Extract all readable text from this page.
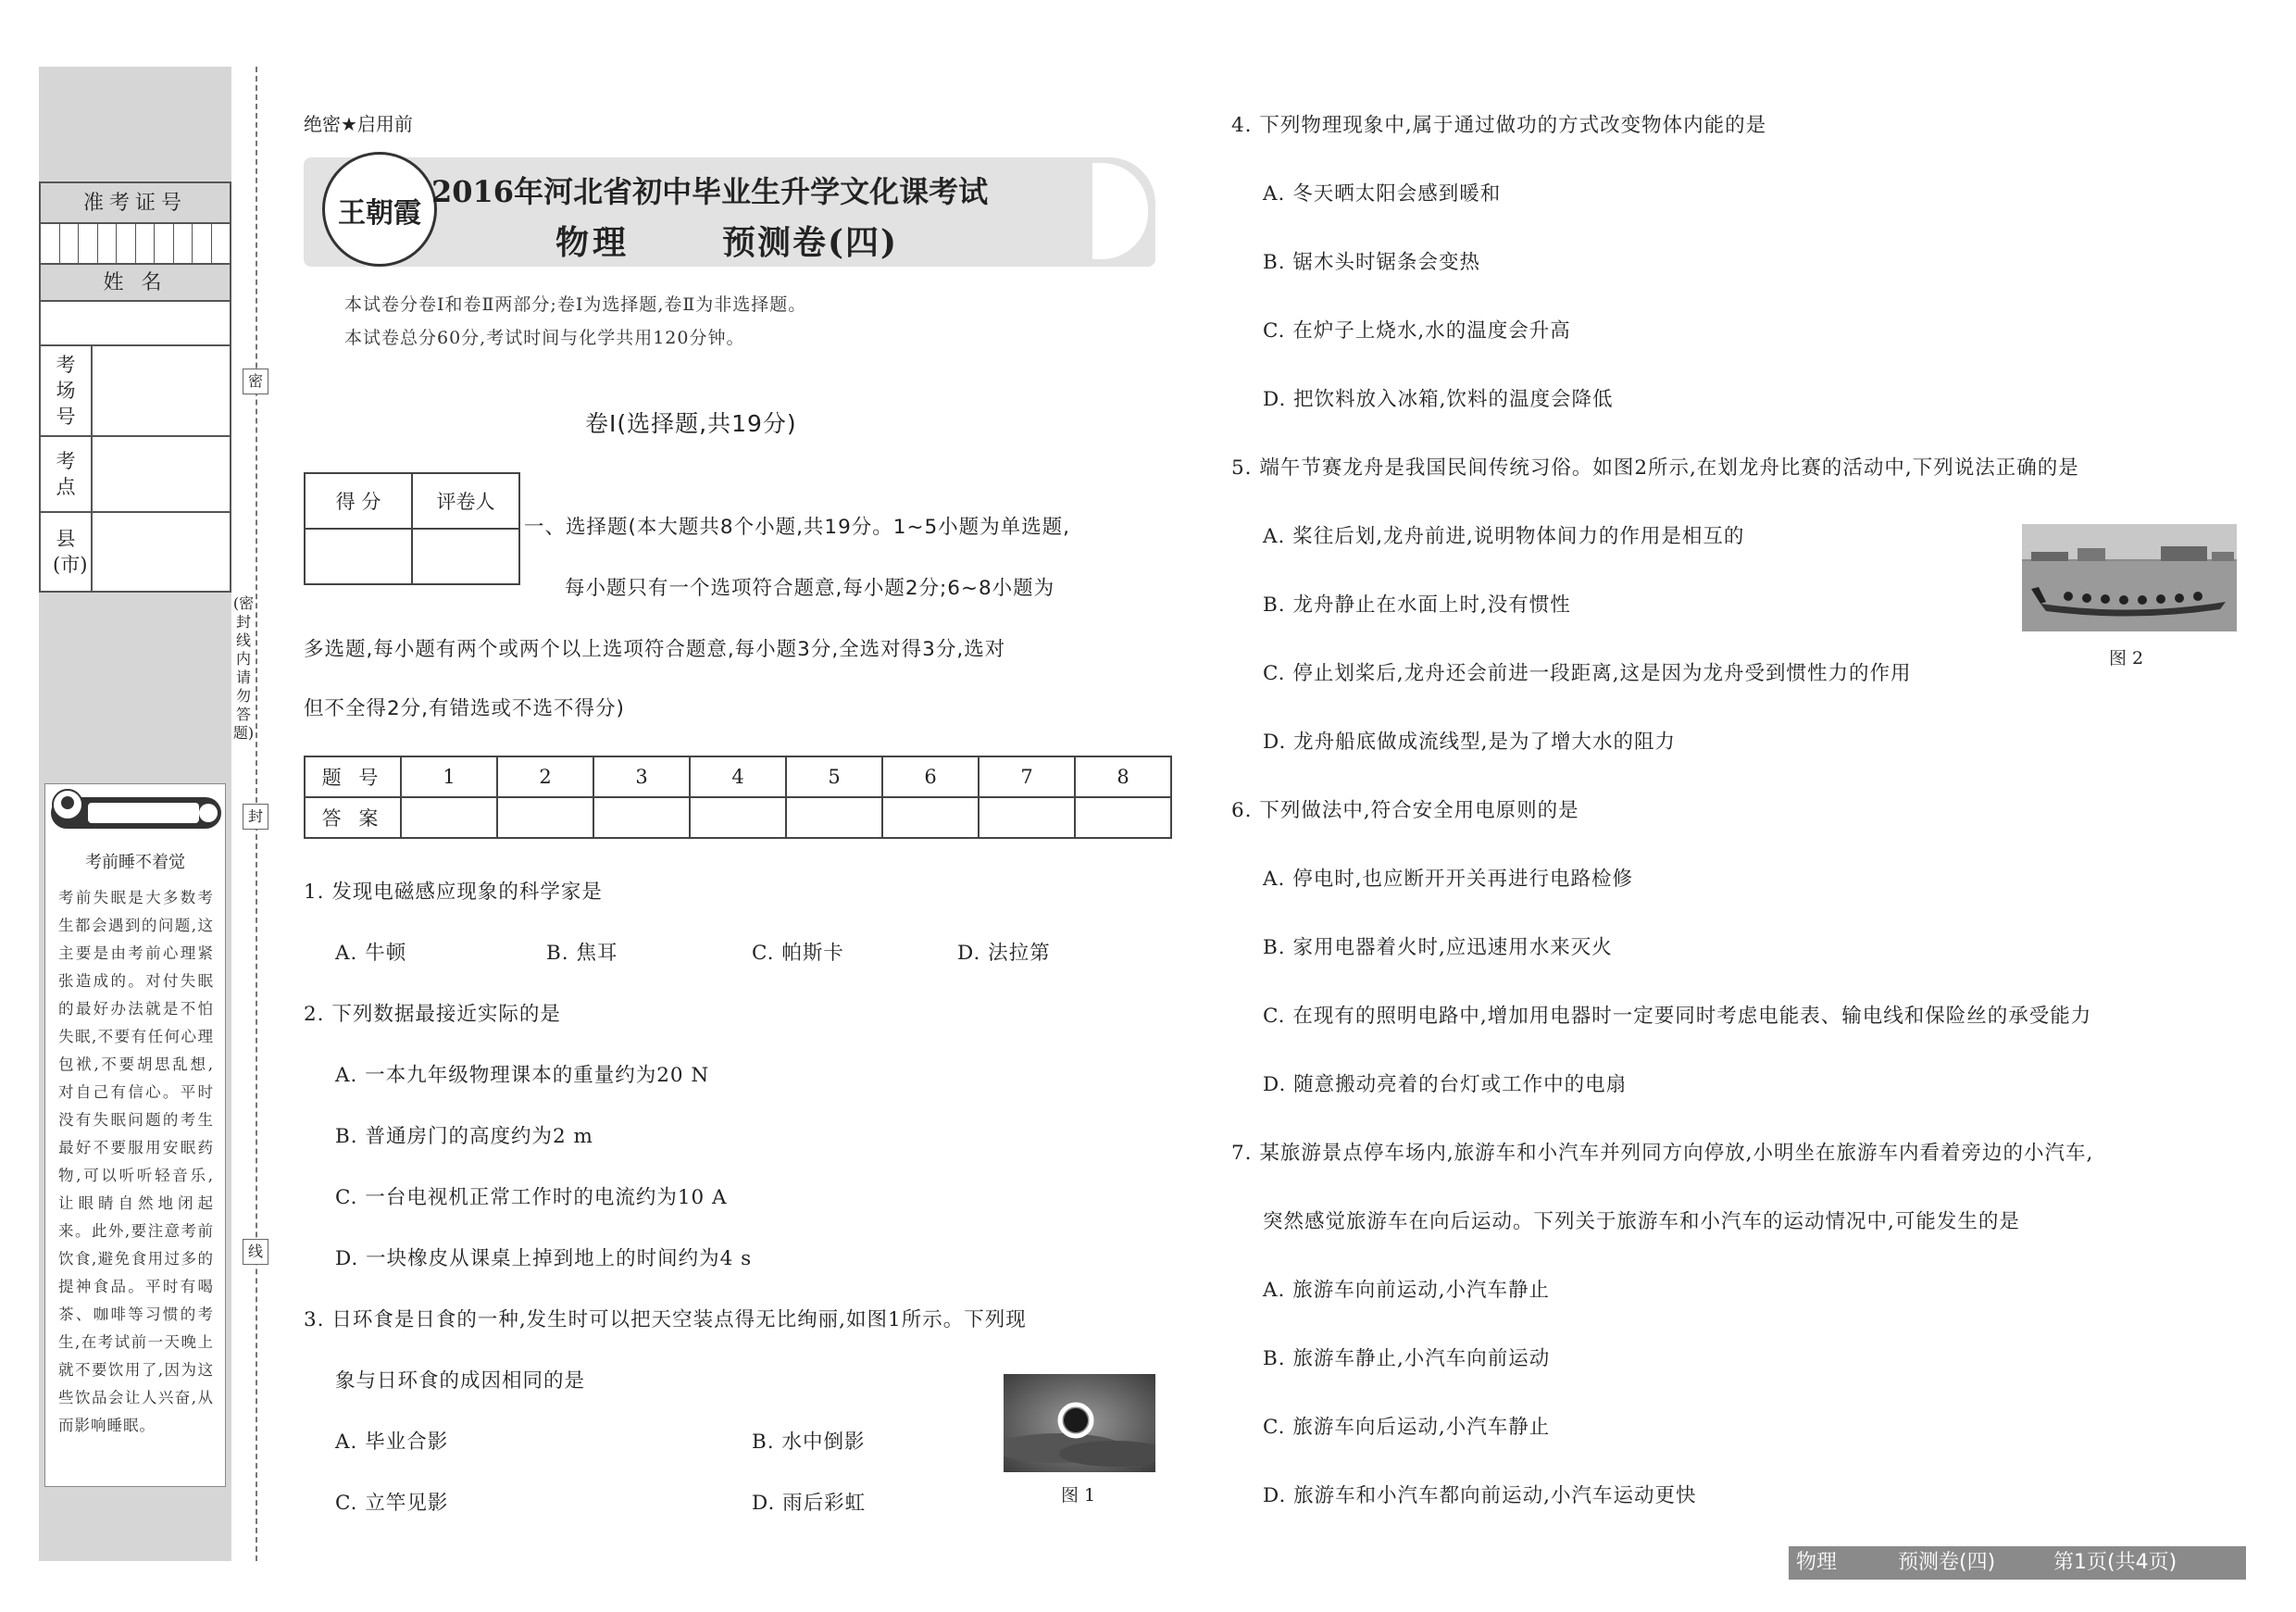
准考证号
姓 名
考场号
考点
县(市)
考前睡不着觉
考前失眠是大多数考生都会遇到的问题,这主要是由考前心理紧张造成的。对付失眠的最好办法就是不怕失眠,不要有任何心理包袱,不要胡思乱想,对自己有信心。平时没有失眠问题的考生最好不要服用安眠药物,可以听听轻音乐,让眼睛自然地闭起来。此外,要注意考前饮食,避免食用过多的提神食品。平时有喝茶、咖啡等习惯的考生,在考试前一天晚上就不要饮用了,因为这些饮品会让人兴奋,从而影响睡眠。
密
(密封线内请勿答题)
封
线
绝密★启用前
王朝霞
2016年河北省初中毕业生升学文化课考试
物理	预测卷(四)
本试卷分卷Ⅰ和卷Ⅱ两部分;卷Ⅰ为选择题,卷Ⅱ为非选择题。
本试卷总分60分,考试时间与化学共用120分钟。
卷Ⅰ(选择题,共19分)
得 分	评卷人

一、选择题(本大题共8个小题,共19分。1~5小题为单选题,
每小题只有一个选项符合题意,每小题2分;6~8小题为
多选题,每小题有两个或两个以上选项符合题意,每小题3分,全选对得3分,选对
但不全得2分,有错选或不选不得分)
题 号	1	2	3	4	5	6	7	8
答 案								
1. 发现电磁感应现象的科学家是
A. 牛顿	B. 焦耳	C. 帕斯卡	D. 法拉第
2. 下列数据最接近实际的是
A. 一本九年级物理课本的重量约为20 N
B. 普通房门的高度约为2 m
C. 一台电视机正常工作时的电流约为10 A
D. 一块橡皮从课桌上掉到地上的时间约为4 s
3. 日环食是日食的一种,发生时可以把天空装点得无比绚丽,如图1所示。下列现
象与日环食的成因相同的是
A. 毕业合影	B. 水中倒影
C. 立竿见影	D. 雨后彩虹	图 1
4. 下列物理现象中,属于通过做功的方式改变物体内能的是
A. 冬天晒太阳会感到暖和
B. 锯木头时锯条会变热
C. 在炉子上烧水,水的温度会升高
D. 把饮料放入冰箱,饮料的温度会降低
5. 端午节赛龙舟是我国民间传统习俗。如图2所示,在划龙舟比赛的活动中,下列说法正确的是
A. 桨往后划,龙舟前进,说明物体间力的作用是相互的
B. 龙舟静止在水面上时,没有惯性
C. 停止划桨后,龙舟还会前进一段距离,这是因为龙舟受到惯性力的作用
D. 龙舟船底做成流线型,是为了增大水的阻力
图 2
6. 下列做法中,符合安全用电原则的是
A. 停电时,也应断开开关再进行电路检修
B. 家用电器着火时,应迅速用水来灭火
C. 在现有的照明电路中,增加用电器时一定要同时考虑电能表、输电线和保险丝的承受能力
D. 随意搬动亮着的台灯或工作中的电扇
7. 某旅游景点停车场内,旅游车和小汽车并列同方向停放,小明坐在旅游车内看着旁边的小汽车,
突然感觉旅游车在向后运动。下列关于旅游车和小汽车的运动情况中,可能发生的是
A. 旅游车向前运动,小汽车静止
B. 旅游车静止,小汽车向前运动
C. 旅游车向后运动,小汽车静止
D. 旅游车和小汽车都向前运动,小汽车运动更快
物理	预测卷(四)	第1页(共4页)
